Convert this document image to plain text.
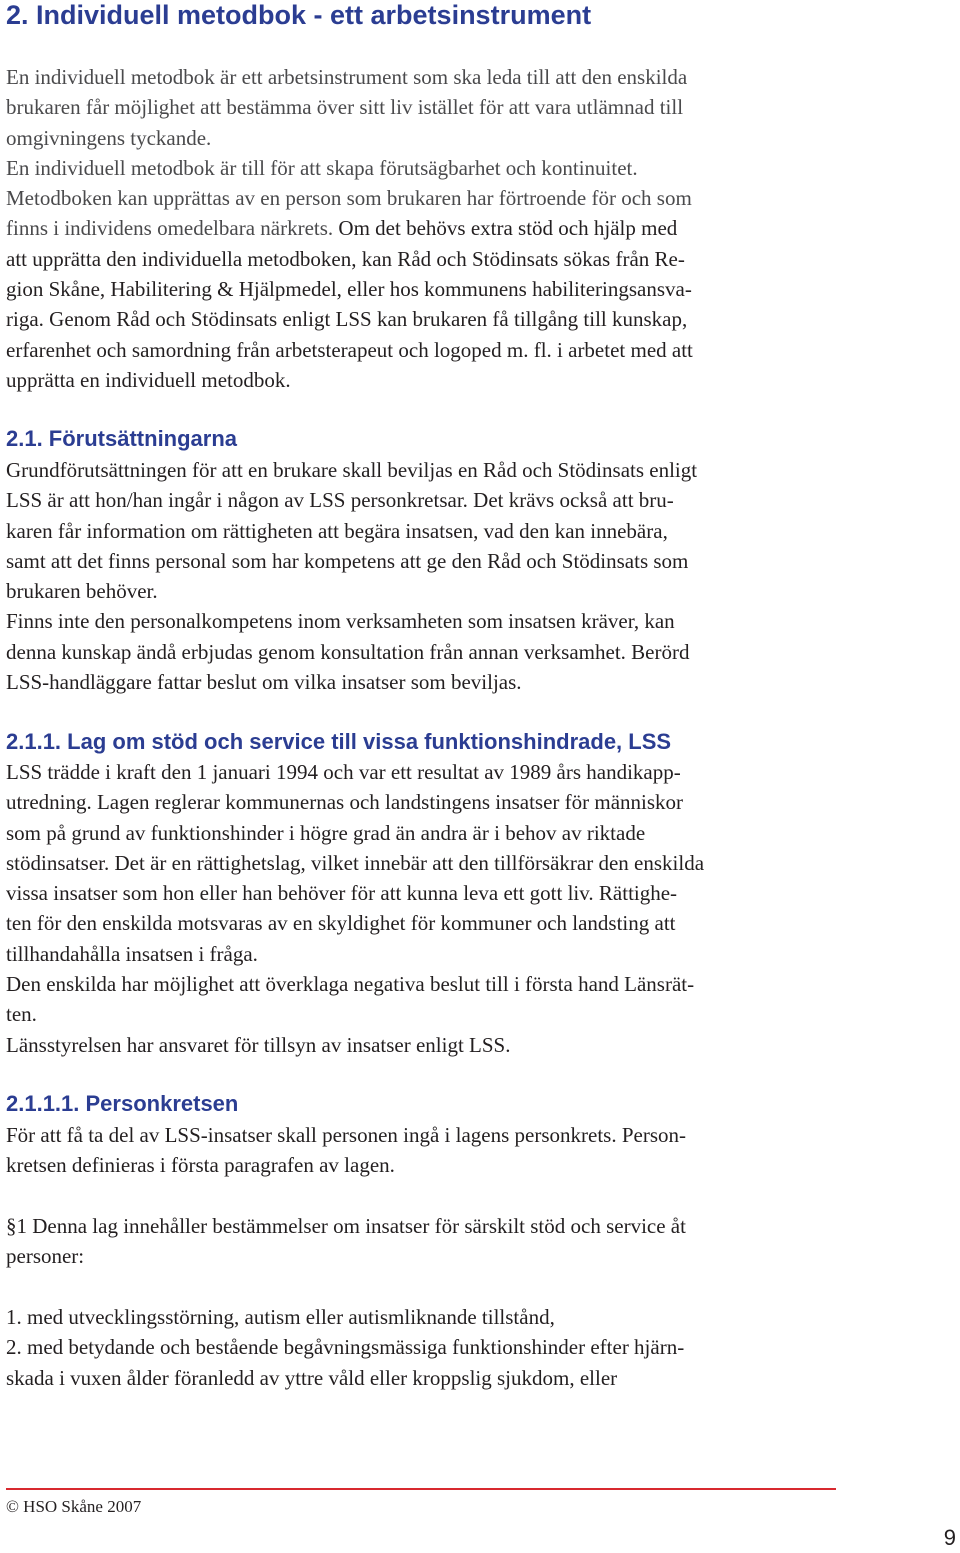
2. Individuell metodbok - ett arbetsinstrument
En individuell metodbok är ett arbetsinstrument som ska leda till att den enskilda
brukaren får möjlighet att bestämma över sitt liv istället för att vara utlämnad till
omgivningens tyckande.
En individuell metodbok är till för att skapa förutsägbarhet och kontinuitet.
Metodboken kan upprättas av en person som brukaren har förtroende för och som
finns i individens omedelbara närkrets. Om det behövs extra stöd och hjälp med
att upprätta den individuella metodboken, kan Råd och Stödinsats sökas från Re-
gion Skåne, Habilitering & Hjälpmedel, eller hos kommunens habiliteringsansva-
riga. Genom Råd och Stödinsats enligt LSS kan brukaren få tillgång till kunskap,
erfarenhet och samordning från arbetsterapeut och logoped m. fl. i arbetet med att
upprätta en individuell metodbok.
2.1. Förutsättningarna
Grundförutsättningen för att en brukare skall beviljas en Råd och Stödinsats enligt
LSS är att hon/han ingår i någon av LSS personkretsar. Det krävs också att bru-
karen får information om rättigheten att begära insatsen, vad den kan innebära,
samt att det finns personal som har kompetens att ge den Råd och Stödinsats som
brukaren behöver.
Finns inte den personalkompetens inom verksamheten som insatsen kräver, kan
denna kunskap ändå erbjudas genom konsultation från annan verksamhet. Berörd
LSS-handläggare fattar beslut om vilka insatser som beviljas.
2.1.1. Lag om stöd och service till vissa funktionshindrade, LSS
LSS trädde i kraft den 1 januari 1994 och var ett resultat av 1989 års handikapp-
utredning. Lagen reglerar kommunernas och landstingens insatser för människor
som på grund av funktionshinder i högre grad än andra är i behov av riktade
stödinsatser. Det är en rättighetslag, vilket innebär att den tillförsäkrar den enskilda
vissa insatser som hon eller han behöver för att kunna leva ett gott liv. Rättighe-
ten för den enskilda motsvaras av en skyldighet för kommuner och landsting att
tillhandahålla insatsen i fråga.
Den enskilda har möjlighet att överklaga negativa beslut till i första hand Länsrät-
ten.
Länsstyrelsen har ansvaret för tillsyn av insatser enligt LSS.
2.1.1.1. Personkretsen
För att få ta del av LSS-insatser skall personen ingå i lagens personkrets. Person-
kretsen definieras i första paragrafen av lagen.
§1 Denna lag innehåller bestämmelser om insatser för särskilt stöd och service åt
personer:
1. med utvecklingsstörning, autism eller autismliknande tillstånd,
2. med betydande och bestående begåvningsmässiga funktionshinder efter hjärn-
skada i vuxen ålder föranledd av yttre våld eller kroppslig sjukdom, eller
© HSO Skåne 2007
9
